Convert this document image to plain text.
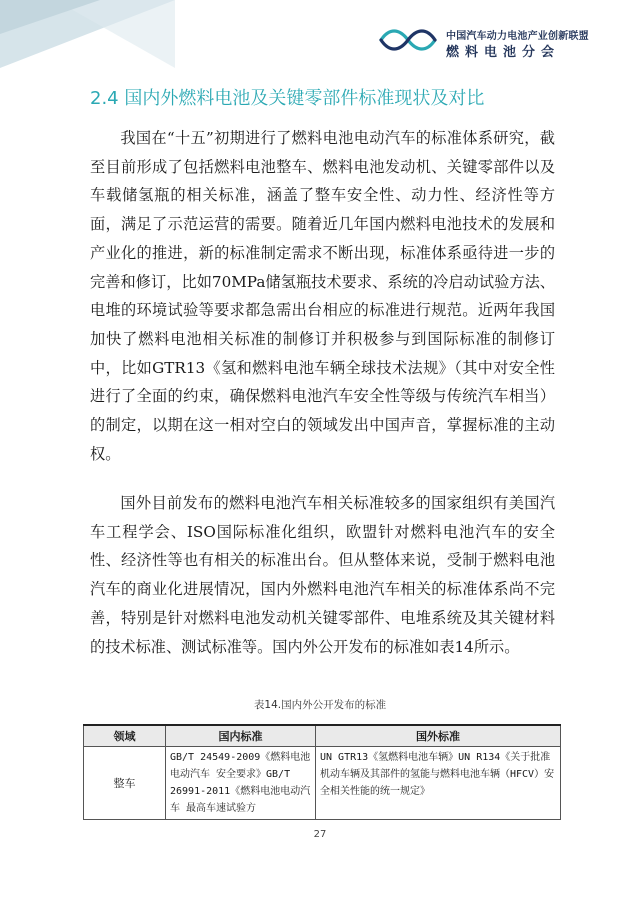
中国汽车动力电池产业创新联盟
燃料电池分会
2.4 国内外燃料电池及关键零部件标准现状及对比

我国在“十五”初期进行了燃料电池电动汽车的标准体系研究，截至目前形成了包括燃料电池整车、燃料电池发动机、关键零部件以及车载储氢瓶的相关标准，涵盖了整车安全性、动力性、经济性等方面，满足了示范运营的需要。随着近几年国内燃料电池技术的发展和产业化的推进，新的标准制定需求不断出现，标准体系亟待进一步的完善和修订，比如70MPa储氢瓶技术要求、系统的冷启动试验方法、电堆的环境试验等要求都急需出台相应的标准进行规范。近两年我国加快了燃料电池相关标准的制修订并积极参与到国际标准的制修订中，比如GTR13《氢和燃料电池车辆全球技术法规》（其中对安全性进行了全面的约束，确保燃料电池汽车安全性等级与传统汽车相当）的制定，以期在这一相对空白的领域发出中国声音，掌握标准的主动权。

国外目前发布的燃料电池汽车相关标准较多的国家组织有美国汽车工程学会、ISO国际标准化组织，欧盟针对燃料电池汽车的安全性、经济性等也有相关的标准出台。但从整体来说，受制于燃料电池汽车的商业化进展情况，国内外燃料电池汽车相关的标准体系尚不完善，特别是针对燃料电池发动机关键零部件、电堆系统及其关键材料的技术标准、测试标准等。国内外公开发布的标准如表14所示。

表14.国内外公开发布的标准
领域	国内标准	国外标准
整车	GB/T 24549-2009《燃料电池电动汽车 安全要求》GB/T 26991-2011《燃料电池电动汽车 最高车速试验方	UN GTR13《氢燃料电池车辆》UN R134《关于批准机动车辆及其部件的氢能与燃料电池车辆（HFCV）安全相关性能的统一规定》
27
